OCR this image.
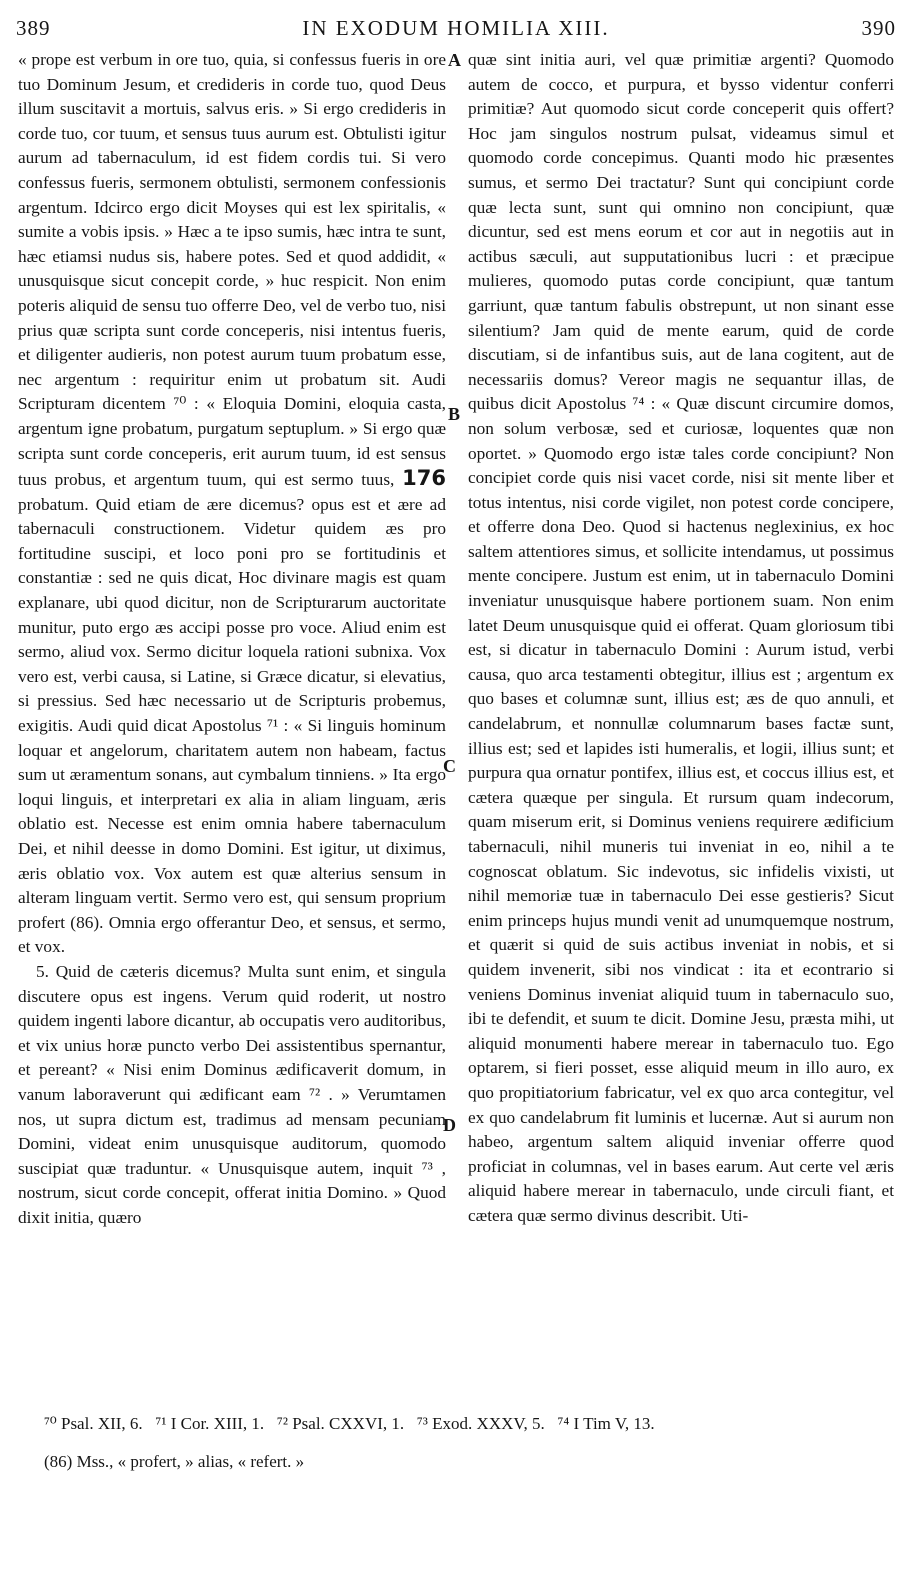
389	IN EXODUM HOMILIA XIII.	390

« prope est verbum in ore tuo, quia, si confessus fueris in ore tuo Dominum Jesum, et credideris in corde tuo, quod Deus illum suscitavit a mortuis, salvus eris. » Si ergo credideris in corde tuo, cor tuum, et sensus tuus aurum est. Obtulisti igitur aurum ad tabernaculum, id est fidem cordis tui. Si vero confessus fueris, sermonem obtulisti, sermonem confessionis argentum. Idcirco ergo dicit Moyses qui est lex spiritalis, « sumite a vobis ipsis. » Hæc a te ipso sumis, hæc intra te sunt, hæc etiamsi nudus sis, habere potes. Sed et quod addidit, « unusquisque sicut concepit corde, » huc respicit. Non enim poteris aliquid de sensu tuo offerre Deo, vel de verbo tuo, nisi prius quæ scripta sunt corde conceperis, nisi intentus fueris, et diligenter audieris, non potest aurum tuum probatum esse, nec argentum : requiritur enim ut probatum sit. Audi Scripturam dicentem ⁷⁰ : « Eloquia Domini, eloquia casta, argentum igne probatum, purgatum septuplum. » Si ergo quæ scripta sunt corde conceperis, erit aurum tuum, id est sensus tuus probus, et argentum tuum, qui est sermo tuus, 176 probatum. Quid etiam de ære dicemus? opus est et ære ad tabernaculi constructionem. Videtur quidem æs pro fortitudine suscipi, et loco poni pro se fortitudinis et constantiæ : sed ne quis dicat, Hoc divinare magis est quam explanare, ubi quod dicitur, non de Scripturarum auctoritate munitur, puto ergo æs accipi posse pro voce. Aliud enim est sermo, aliud vox. Sermo dicitur loquela rationi subnixa. Vox vero est, verbi causa, si Latine, si Græce dicatur, si elevatius, si pressius. Sed hæc necessario ut de Scripturis probemus, exigitis. Audi quid dicat Apostolus ⁷¹ : « Si linguis hominum loquar et angelorum, charitatem autem non habeam, factus sum ut æramentum sonans, aut cymbalum tinniens. » Ita ergo loqui linguis, et interpretari ex alia in aliam linguam, æris oblatio est. Necesse est enim omnia habere tabernaculum Dei, et nihil deesse in domo Domini. Est igitur, ut diximus, æris oblatio vox. Vox autem est quæ alterius sensum in alteram linguam vertit. Sermo vero est, qui sensum proprium profert (86). Omnia ergo offerantur Deo, et sensus, et sermo, et vox.

5. Quid de cæteris dicemus? Multa sunt enim, et singula discutere opus est ingens. Verum quid roderit, ut nostro quidem ingenti labore dicantur, ab occupatis vero auditoribus, et vix unius horæ puncto verbo Dei assistentibus spernantur, et pereant? « Nisi enim Dominus ædificaverit domum, in vanum laboraverunt qui ædificant eam ⁷² . » Verumtamen nos, ut supra dictum est, tradimus ad mensam pecuniam Domini, videat enim unusquisque auditorum, quomodo suscipiat quæ traduntur. « Unusquisque autem, inquit ⁷³ , nostrum, sicut corde concepit, offerat initia Domino. » Quod dixit initia, quæro

A
B
C
D

quæ sint initia auri, vel quæ primitiæ argenti? Quomodo autem de cocco, et purpura, et bysso videntur conferri primitiæ? Aut quomodo sicut corde conceperit quis offert? Hoc jam singulos nostrum pulsat, videamus simul et quomodo corde concepimus. Quanti modo hic præsentes sumus, et sermo Dei tractatur? Sunt qui concipiunt corde quæ lecta sunt, sunt qui omnino non concipiunt, quæ dicuntur, sed est mens eorum et cor aut in negotiis aut in actibus sæculi, aut supputationibus lucri : et præcipue mulieres, quomodo putas corde concipiunt, quæ tantum garriunt, quæ tantum fabulis obstrepunt, ut non sinant esse silentium? Jam quid de mente earum, quid de corde discutiam, si de infantibus suis, aut de lana cogitent, aut de necessariis domus? Vereor magis ne sequantur illas, de quibus dicit Apostolus ⁷⁴ : « Quæ discunt circumire domos, non solum verbosæ, sed et curiosæ, loquentes quæ non oportet. » Quomodo ergo istæ tales corde concipiunt? Non concipiet corde quis nisi vacet corde, nisi sit mente liber et totus intentus, nisi corde vigilet, non potest corde concipere, et offerre dona Deo. Quod si hactenus neglexinius, ex hoc saltem attentiores simus, et sollicite intendamus, ut possimus mente concipere. Justum est enim, ut in tabernaculo Domini inveniatur unusquisque habere portionem suam. Non enim latet Deum unusquisque quid ei offerat. Quam gloriosum tibi est, si dicatur in tabernaculo Domini : Aurum istud, verbi causa, quo arca testamenti obtegitur, illius est ; argentum ex quo bases et columnæ sunt, illius est; æs de quo annuli, et candelabrum, et nonnullæ columnarum bases factæ sunt, illius est; sed et lapides isti humeralis, et logii, illius sunt; et purpura qua ornatur pontifex, illius est, et coccus illius est, et cætera quæque per singula. Et rursum quam indecorum, quam miserum erit, si Dominus veniens requirere ædificium tabernaculi, nihil muneris tui inveniat in eo, nihil a te cognoscat oblatum. Sic indevotus, sic infidelis vixisti, ut nihil memoriæ tuæ in tabernaculo Dei esse gestieris? Sicut enim princeps hujus mundi venit ad unumquemque nostrum, et quærit si quid de suis actibus inveniat in nobis, et si quidem invenerit, sibi nos vindicat : ita et econtrario si veniens Dominus inveniat aliquid tuum in tabernaculo suo, ibi te defendit, et suum te dicit. Domine Jesu, præsta mihi, ut aliquid monumenti habere merear in tabernaculo tuo. Ego optarem, si fieri posset, esse aliquid meum in illo auro, ex quo propitiatorium fabricatur, vel ex quo arca contegitur, vel ex quo candelabrum fit luminis et lucernæ. Aut si aurum non habeo, argentum saltem aliquid inveniar offerre quod proficiat in columnas, vel in bases earum. Aut certe vel æris aliquid habere merear in tabernaculo, unde circuli fiant, et cætera quæ sermo divinus describit. Uti-

⁷⁰ Psal. XII, 6.   ⁷¹ I Cor. XIII, 1.   ⁷² Psal. CXXVI, 1.   ⁷³ Exod. XXXV, 5.   ⁷⁴ I Tim V, 13.
(86) Mss., « profert, » alias, « refert. »
